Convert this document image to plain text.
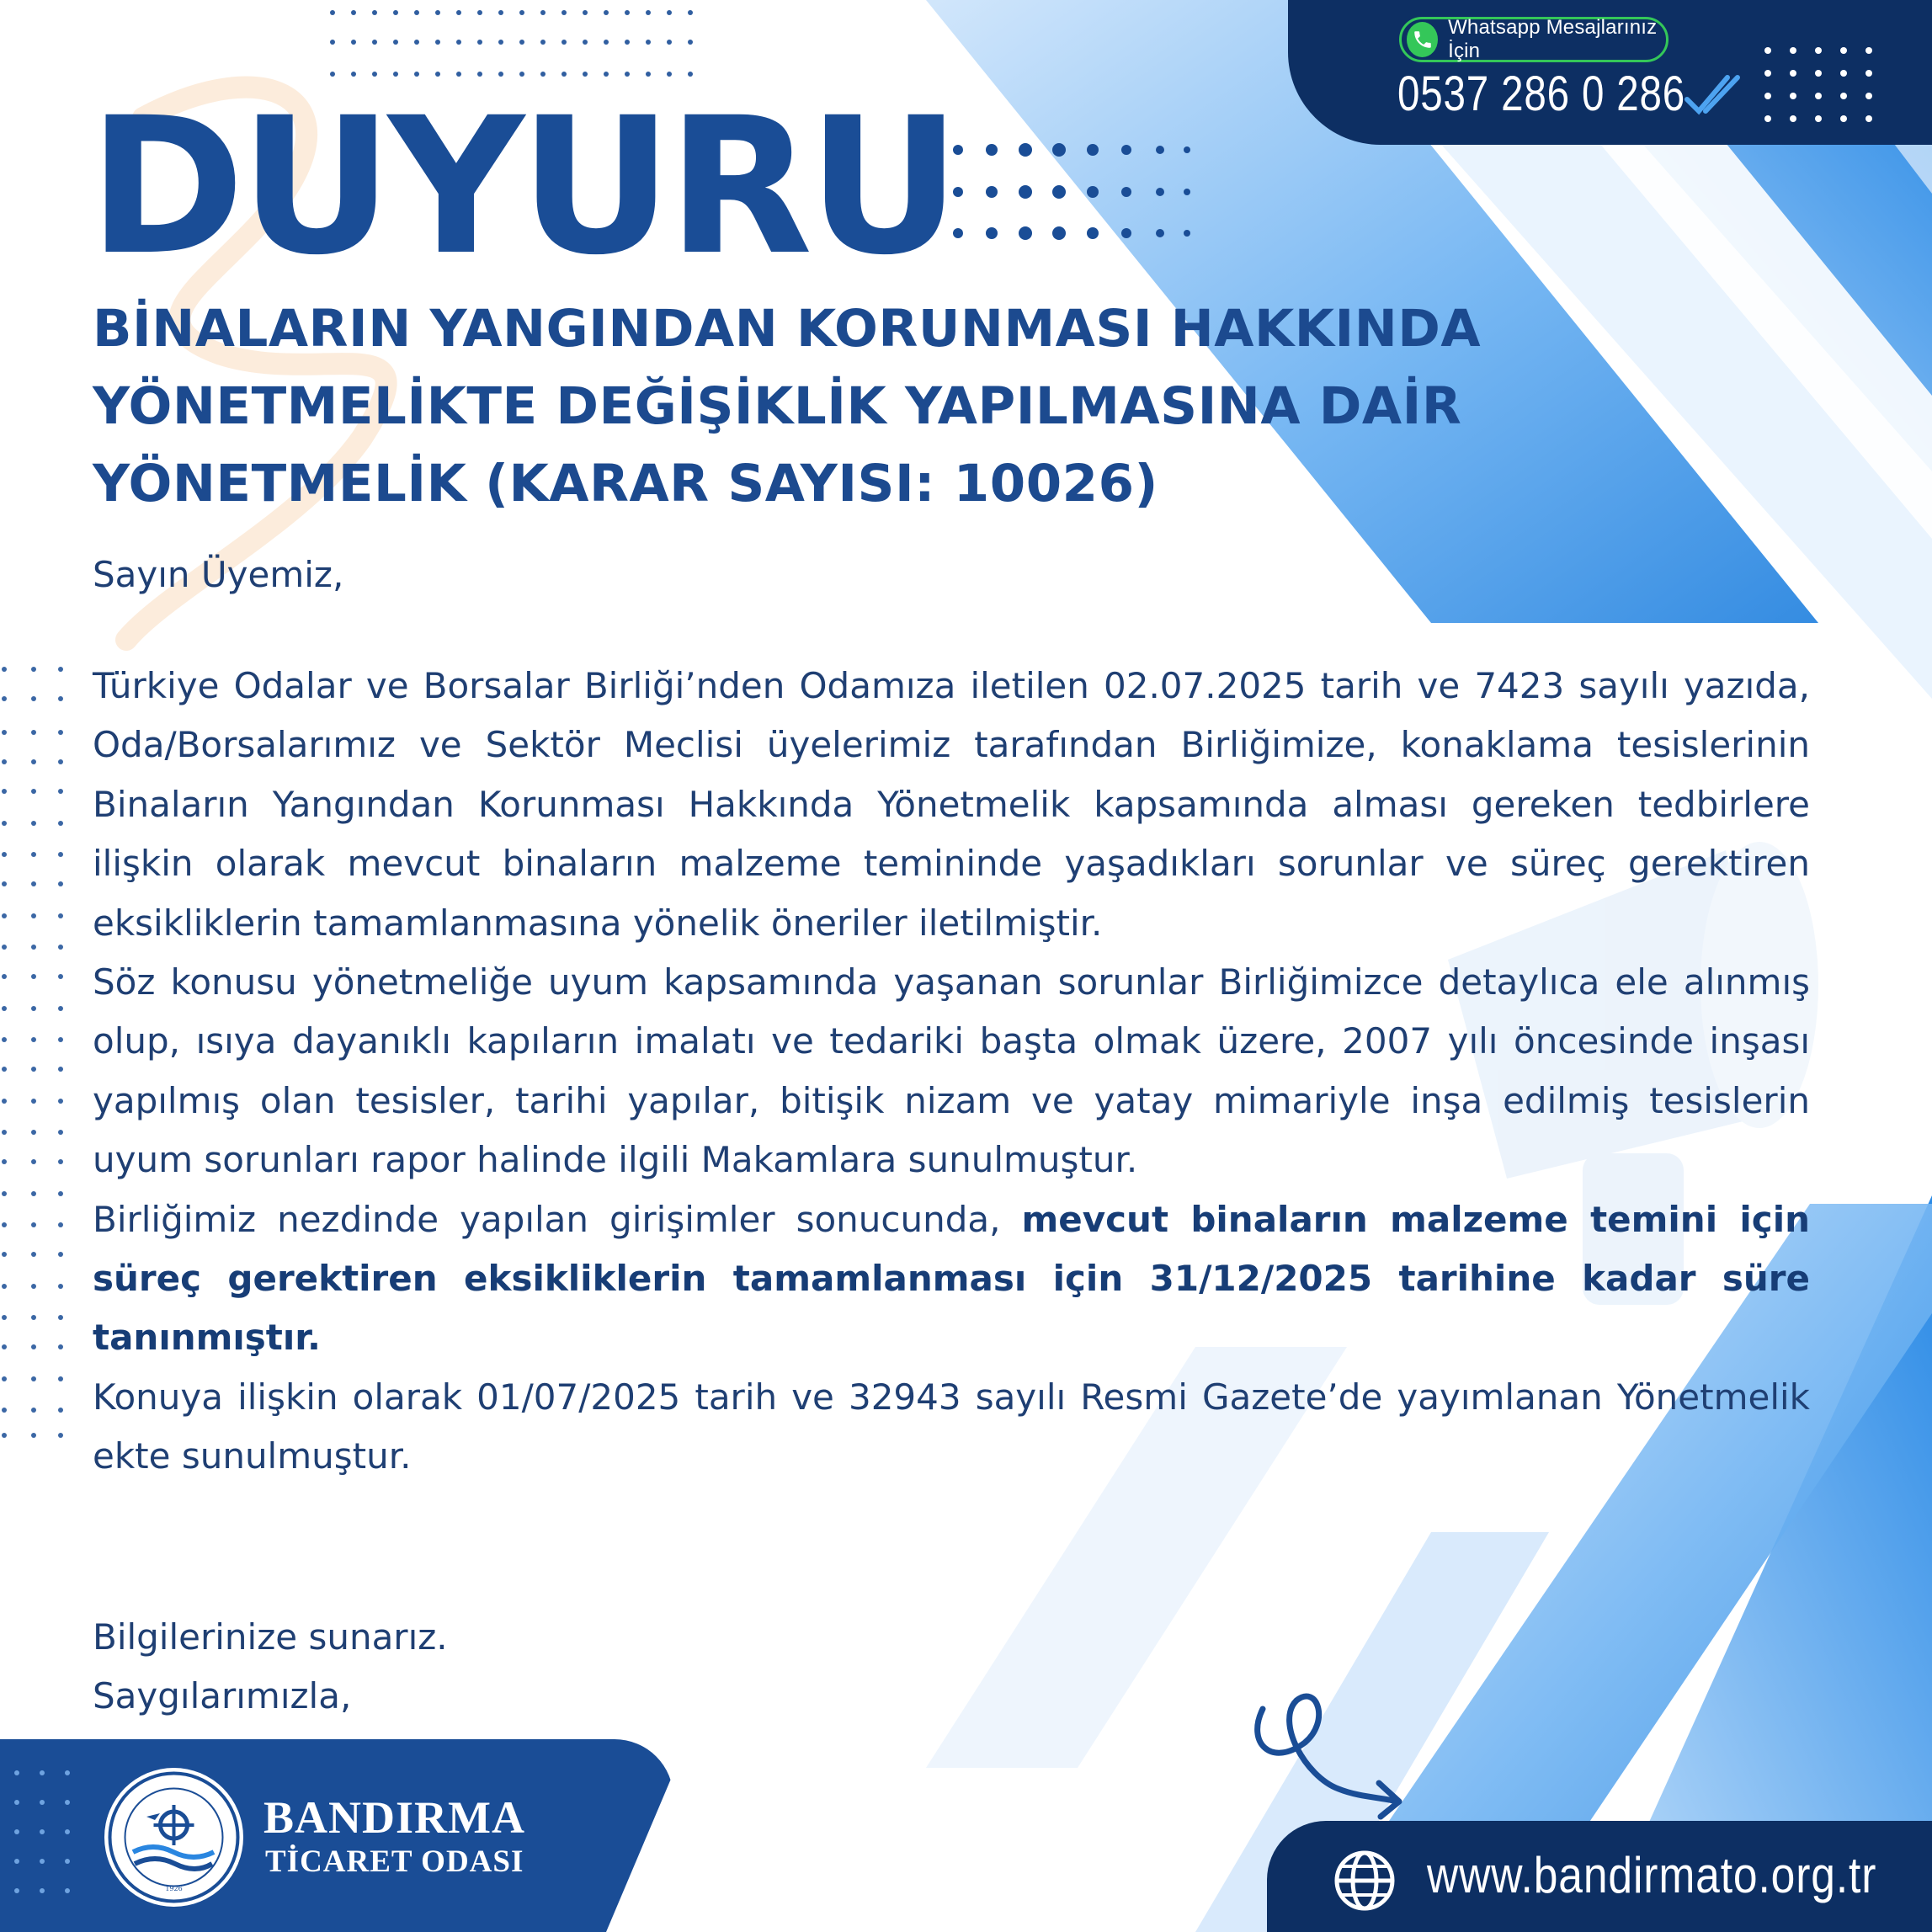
Whatsapp Mesajlarınız İçin
0537 286 0 286
DUYURU
BİNALARIN YANGINDAN KORUNMASI HAKKINDA
YÖNETMELİKTE DEĞİŞİKLİK YAPILMASINA DAİR
YÖNETMELİK (KARAR SAYISI: 10026)
Sayın Üyemiz,

Türkiye Odalar ve Borsalar Birliği’nden Odamıza iletilen 02.07.2025 tarih ve 7423 sayılı yazıda, Oda/Borsalarımız ve Sektör Meclisi üyelerimiz tarafından Birliğimize, konaklama tesislerinin Binaların Yangından Korunması Hakkında Yönetmelik kapsamında alması gereken tedbirlere ilişkin olarak mevcut binaların malzeme temininde yaşadıkları sorunlar ve süreç gerektiren eksikliklerin tamamlanmasına yönelik öneriler iletilmiştir.

Söz konusu yönetmeliğe uyum kapsamında yaşanan sorunlar Birliğimizce detaylıca ele alınmış olup, ısıya dayanıklı kapıların imalatı ve tedariki başta olmak üzere, 2007 yılı öncesinde inşası yapılmış olan tesisler, tarihi yapılar, bitişik nizam ve yatay mimariyle inşa edilmiş tesislerin uyum sorunları rapor halinde ilgili Makamlara sunulmuştur.

Birliğimiz nezdinde yapılan girişimler sonucunda, mevcut binaların malzeme temini için süreç gerektiren eksikliklerin tamamlanması için 31/12/2025 tarihine kadar süre tanınmıştır.

Konuya ilişkin olarak 01/07/2025 tarih ve 32943 sayılı Resmi Gazete’de yayımlanan Yönetmelik ekte sunulmuştur.

Bilgilerinize sunarız.
Saygılarımızla,
1926
BANDIRMA
TİCARET ODASI	www.bandirmato.org.tr
